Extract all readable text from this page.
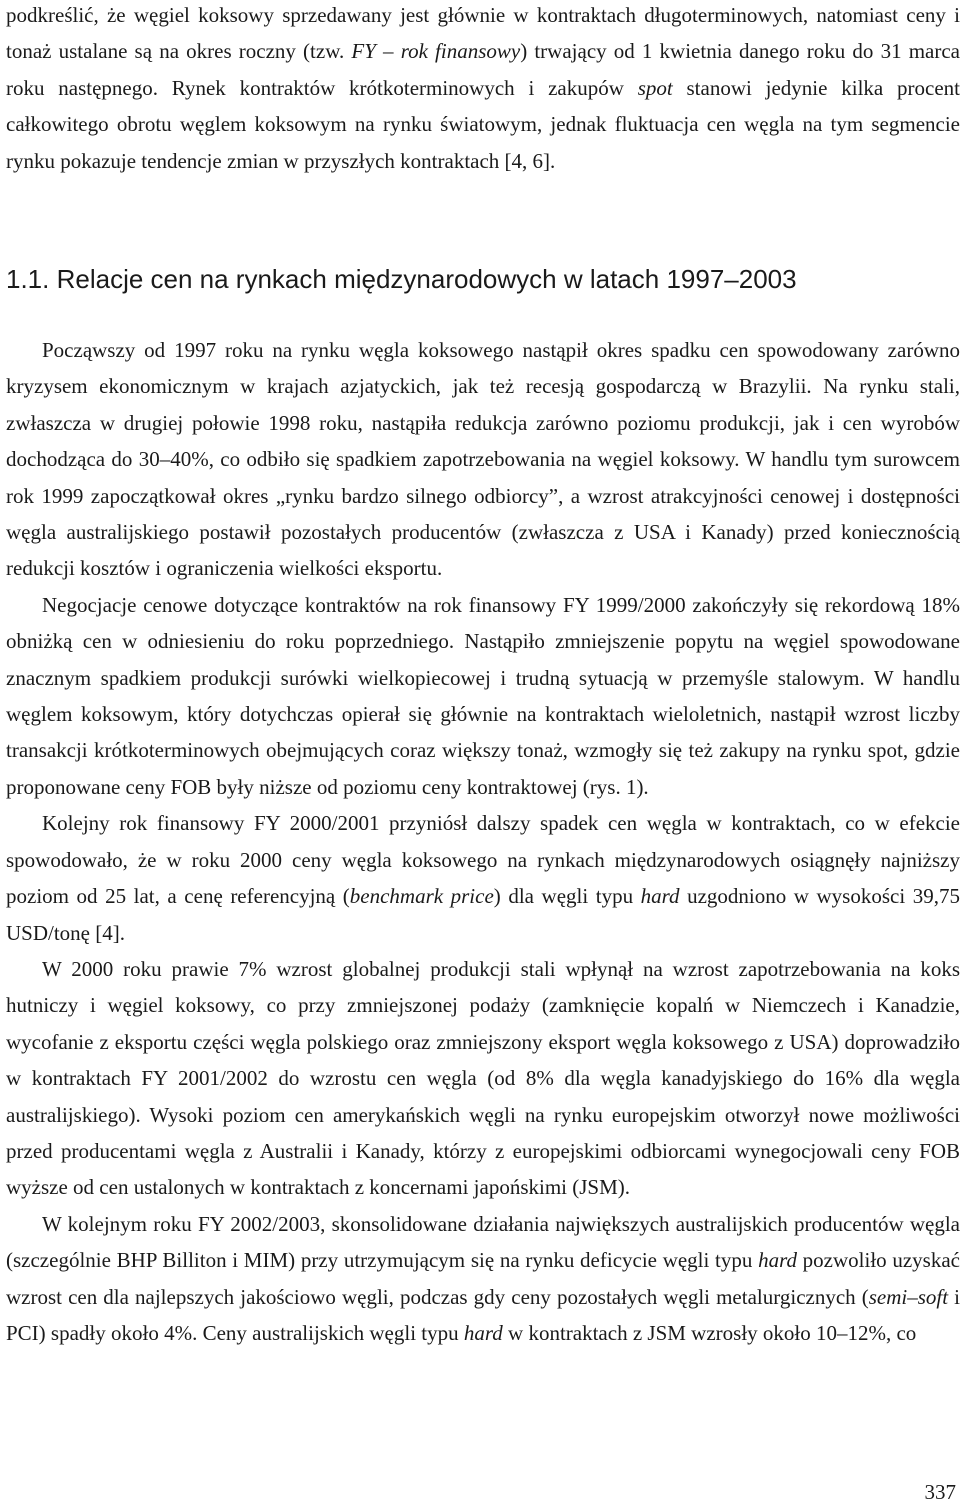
podkreślić, że węgiel koksowy sprzedawany jest głównie w kontraktach długoterminowych, natomiast ceny i tonaż ustalane są na okres roczny (tzw. FY – rok finansowy) trwający od 1 kwietnia danego roku do 31 marca roku następnego. Rynek kontraktów krótkoterminowych i zakupów spot stanowi jedynie kilka procent całkowitego obrotu węglem koksowym na rynku światowym, jednak fluktuacja cen węgla na tym segmencie rynku pokazuje tendencje zmian w przyszłych kontraktach [4, 6].

1.1. Relacje cen na rynkach międzynarodowych w latach 1997–2003

Począwszy od 1997 roku na rynku węgla koksowego nastąpił okres spadku cen spowodowany zarówno kryzysem ekonomicznym w krajach azjatyckich, jak też recesją gospodarczą w Brazylii. Na rynku stali, zwłaszcza w drugiej połowie 1998 roku, nastąpiła redukcja zarówno poziomu produkcji, jak i cen wyrobów dochodząca do 30–40%, co odbiło się spadkiem zapotrzebowania na węgiel koksowy. W handlu tym surowcem rok 1999 zapoczątkował okres „rynku bardzo silnego odbiorcy”, a wzrost atrakcyjności cenowej i dostępności węgla australijskiego postawił pozostałych producentów (zwłaszcza z USA i Kanady) przed koniecznością redukcji kosztów i ograniczenia wielkości eksportu.

Negocjacje cenowe dotyczące kontraktów na rok finansowy FY 1999/2000 zakończyły się rekordową 18% obniżką cen w odniesieniu do roku poprzedniego. Nastąpiło zmniejszenie popytu na węgiel spowodowane znacznym spadkiem produkcji surówki wielkopiecowej i trudną sytuacją w przemyśle stalowym. W handlu węglem koksowym, który dotychczas opierał się głównie na kontraktach wieloletnich, nastąpił wzrost liczby transakcji krótkoterminowych obejmujących coraz większy tonaż, wzmogły się też zakupy na rynku spot, gdzie proponowane ceny FOB były niższe od poziomu ceny kontraktowej (rys. 1).

Kolejny rok finansowy FY 2000/2001 przyniósł dalszy spadek cen węgla w kontraktach, co w efekcie spowodowało, że w roku 2000 ceny węgla koksowego na rynkach międzynarodowych osiągnęły najniższy poziom od 25 lat, a cenę referencyjną (benchmark price) dla węgli typu hard uzgodniono w wysokości 39,75 USD/tonę [4].

W 2000 roku prawie 7% wzrost globalnej produkcji stali wpłynął na wzrost zapotrzebowania na koks hutniczy i węgiel koksowy, co przy zmniejszonej podaży (zamknięcie kopalń w Niemczech i Kanadzie, wycofanie z eksportu części węgla polskiego oraz zmniejszony eksport węgla koksowego z USA) doprowadziło w kontraktach FY 2001/2002 do wzrostu cen węgla (od 8% dla węgla kanadyjskiego do 16% dla węgla australijskiego). Wysoki poziom cen amerykańskich węgli na rynku europejskim otworzył nowe możliwości przed producentami węgla z Australii i Kanady, którzy z europejskimi odbiorcami wynegocjowali ceny FOB wyższe od cen ustalonych w kontraktach z koncernami japońskimi (JSM).

W kolejnym roku FY 2002/2003, skonsolidowane działania największych australijskich producentów węgla (szczególnie BHP Billiton i MIM) przy utrzymującym się na rynku deficycie węgli typu hard pozwoliło uzyskać wzrost cen dla najlepszych jakościowo węgli, podczas gdy ceny pozostałych węgli metalurgicznych (semi–soft i PCI) spadły około 4%. Ceny australijskich węgli typu hard w kontraktach z JSM wzrosły około 10–12%, co

337
